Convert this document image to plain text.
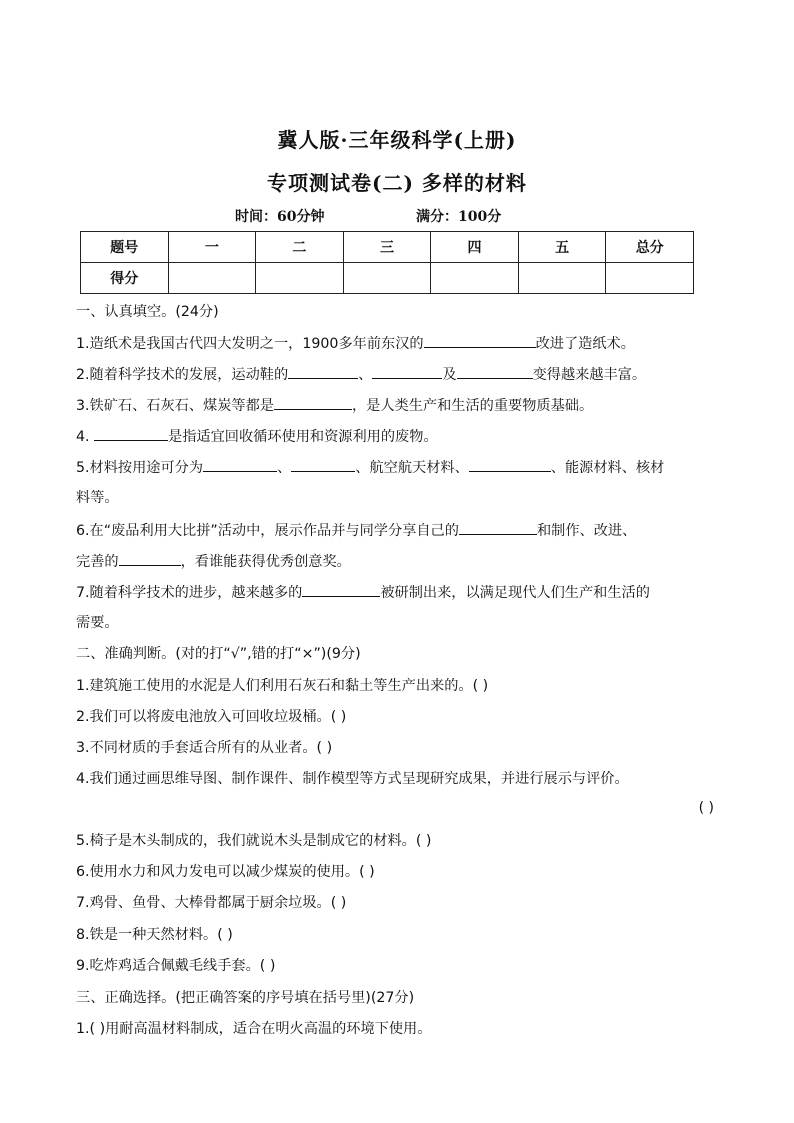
冀人版·三年级科学(上册)
专项测试卷(二) 多样的材料
时间：60分钟	满分：100分
题号	一	二	三	四	五	总分
得分						
一、认真填空。(24分)
1.造纸术是我国古代四大发明之一，1900多年前东汉的	改进了造纸术。
2.随着科学技术的发展，运动鞋的	、	及	变得越来越丰富。
3.铁矿石、石灰石、煤炭等都是	，是人类生产和生活的重要物质基础。
4.	是指适宜回收循环使用和资源利用的废物。
5.材料按用途可分为	、	、航空航天材料、	、能源材料、核材
料等。
6.在“废品利用大比拼”活动中，展示作品并与同学分享自己的	和制作、改进、
完善的	，看谁能获得优秀创意奖。
7.随着科学技术的进步，越来越多的	被研制出来，以满足现代人们生产和生活的
需要。
二、准确判断。(对的打“√”,错的打“×”)(9分)
1.建筑施工使用的水泥是人们利用石灰石和黏土等生产出来的。( )
2.我们可以将废电池放入可回收垃圾桶。( )
3.不同材质的手套适合所有的从业者。( )
4.我们通过画思维导图、制作课件、制作模型等方式呈现研究成果，并进行展示与评价。
( )
5.椅子是木头制成的，我们就说木头是制成它的材料。( )
6.使用水力和风力发电可以减少煤炭的使用。( )
7.鸡骨、鱼骨、大棒骨都属于厨余垃圾。( )
8.铁是一种天然材料。( )
9.吃炸鸡适合佩戴毛线手套。( )
三、正确选择。(把正确答案的序号填在括号里)(27分)
1.( )用耐高温材料制成，适合在明火高温的环境下使用。
